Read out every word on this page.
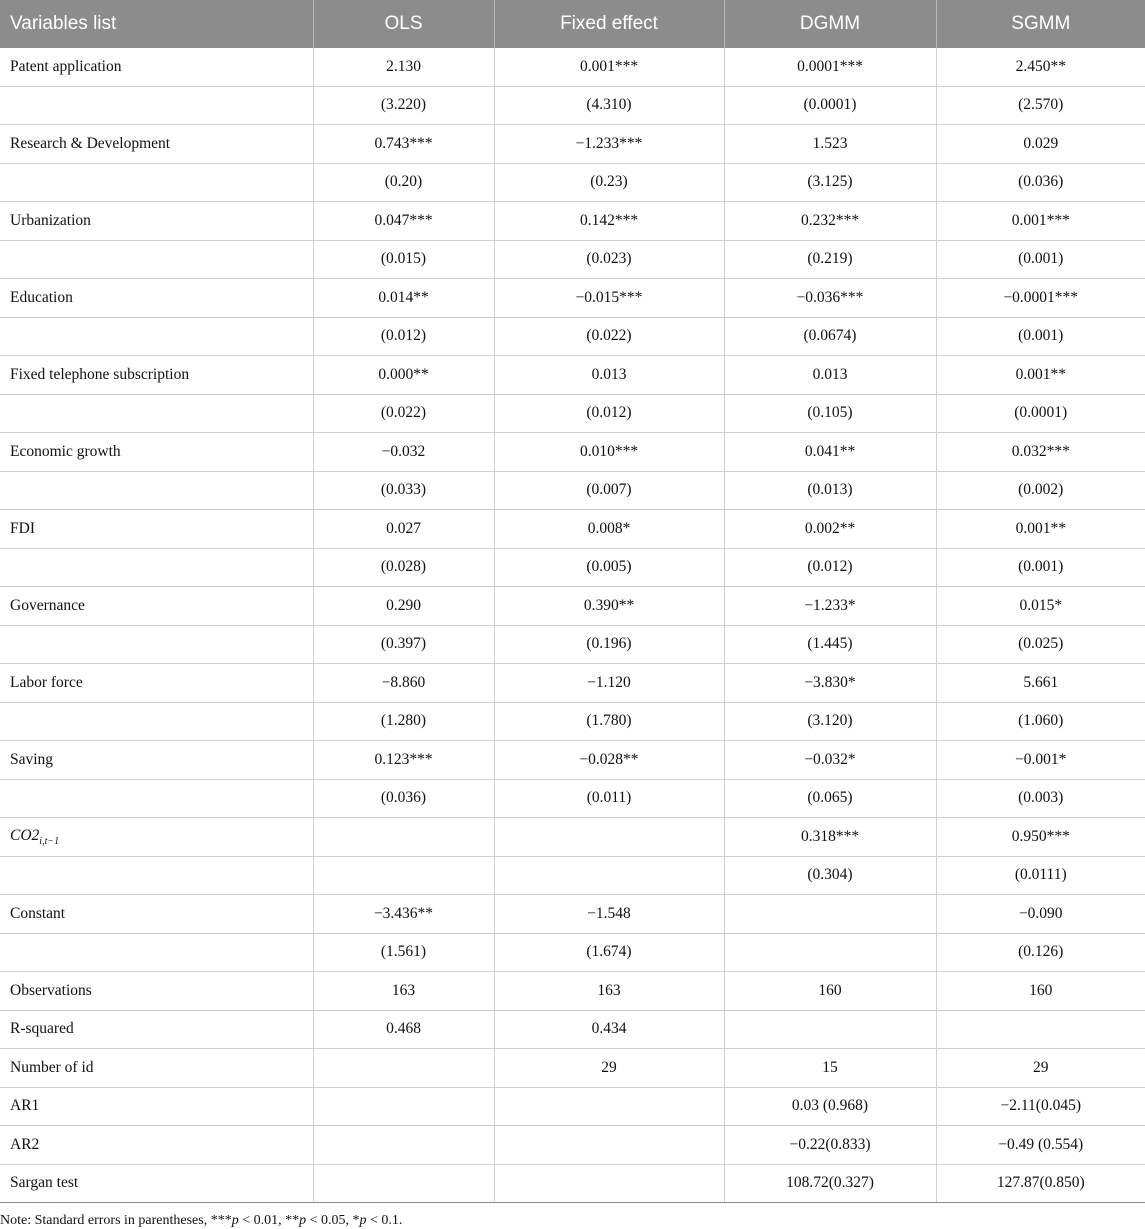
Variables list	OLS	Fixed effect	DGMM	SGMM
Patent application	2.130	0.001***	0.0001***	2.450**
	(3.220)	(4.310)	(0.0001)	(2.570)
Research & Development	0.743***	−1.233***	1.523	0.029
	(0.20)	(0.23)	(3.125)	(0.036)
Urbanization	0.047***	0.142***	0.232***	0.001***
	(0.015)	(0.023)	(0.219)	(0.001)
Education	0.014**	−0.015***	−0.036***	−0.0001***
	(0.012)	(0.022)	(0.0674)	(0.001)
Fixed telephone subscription	0.000**	0.013	0.013	0.001**
	(0.022)	(0.012)	(0.105)	(0.0001)
Economic growth	−0.032	0.010***	0.041**	0.032***
	(0.033)	(0.007)	(0.013)	(0.002)
FDI	0.027	0.008*	0.002**	0.001**
	(0.028)	(0.005)	(0.012)	(0.001)
Governance	0.290	0.390**	−1.233*	0.015*
	(0.397)	(0.196)	(1.445)	(0.025)
Labor force	−8.860	−1.120	−3.830*	5.661
	(1.280)	(1.780)	(3.120)	(1.060)
Saving	0.123***	−0.028**	−0.032*	−0.001*
	(0.036)	(0.011)	(0.065)	(0.003)
$CO2_{i,t-1}$			0.318***	0.950***
			(0.304)	(0.0111)
Constant	−3.436**	−1.548		−0.090
	(1.561)	(1.674)		(0.126)
Observations	163	163	160	160
R-squared	0.468	0.434		
Number of id		29	15	29
AR1			0.03 (0.968)	−2.11(0.045)
AR2			−0.22(0.833)	−0.49 (0.554)
Sargan test			108.72(0.327)	127.87(0.850)
Note: Standard errors in parentheses, ***p < 0.01, **p < 0.05, *p < 0.1.
